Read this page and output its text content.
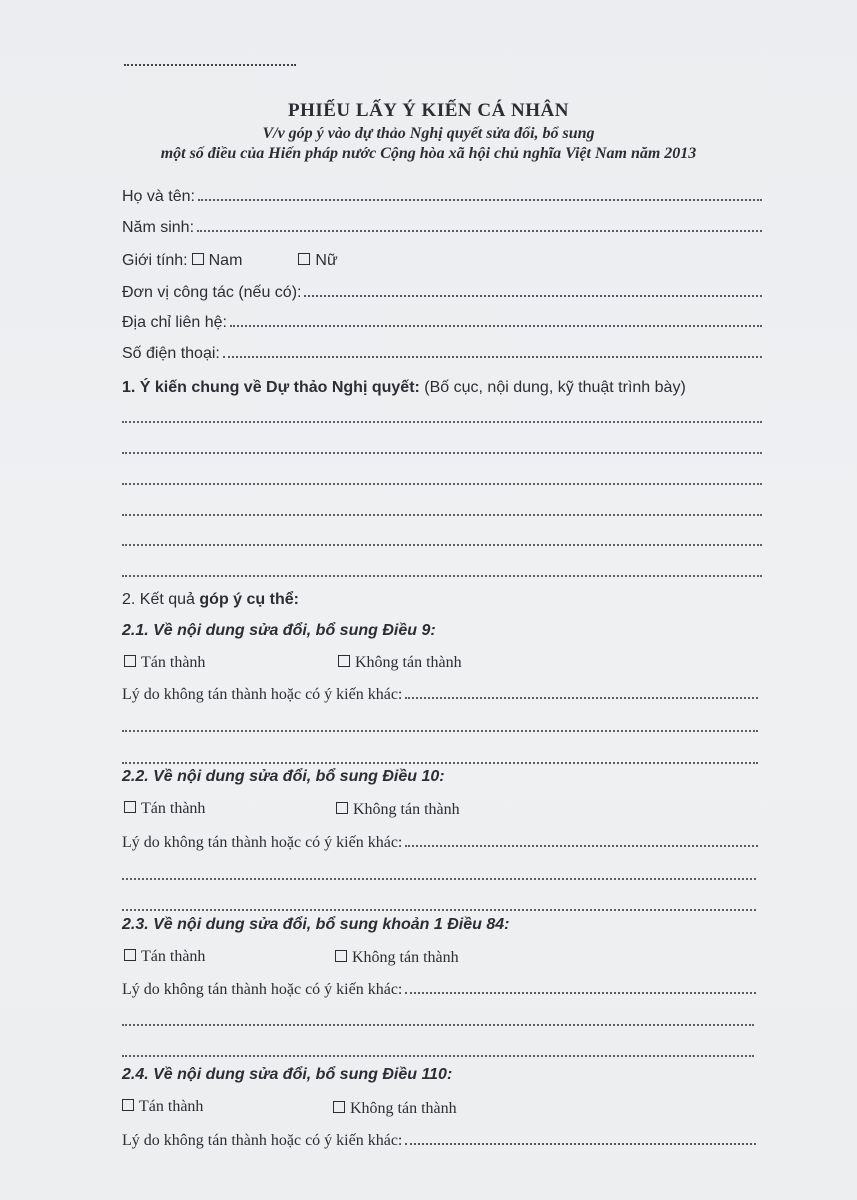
PHIẾU LẤY Ý KIẾN CÁ NHÂN
V/v góp ý vào dự thảo Nghị quyết sửa đổi, bổ sung
một số điều của Hiến pháp nước Cộng hòa xã hội chủ nghĩa Việt Nam năm 2013
Họ và tên:
Năm sinh:
Giới tính:	Nam	Nữ
Đơn vị công tác (nếu có):
Địa chỉ liên hệ:
Số điện thoại:
1. Ý kiến chung về Dự thảo Nghị quyết: (Bố cục, nội dung, kỹ thuật trình bày)
2. Kết quả góp ý cụ thể:
2.1. Về nội dung sửa đổi, bổ sung Điều 9:
Tán thành	Không tán thành
Lý do không tán thành hoặc có ý kiến khác:
2.2. Về nội dung sửa đổi, bổ sung Điều 10:
Tán thành	Không tán thành
Lý do không tán thành hoặc có ý kiến khác:
2.3. Về nội dung sửa đổi, bổ sung khoản 1 Điều 84:
Tán thành	Không tán thành
Lý do không tán thành hoặc có ý kiến khác:
2.4. Về nội dung sửa đổi, bổ sung Điều 110:
Tán thành	Không tán thành
Lý do không tán thành hoặc có ý kiến khác:
